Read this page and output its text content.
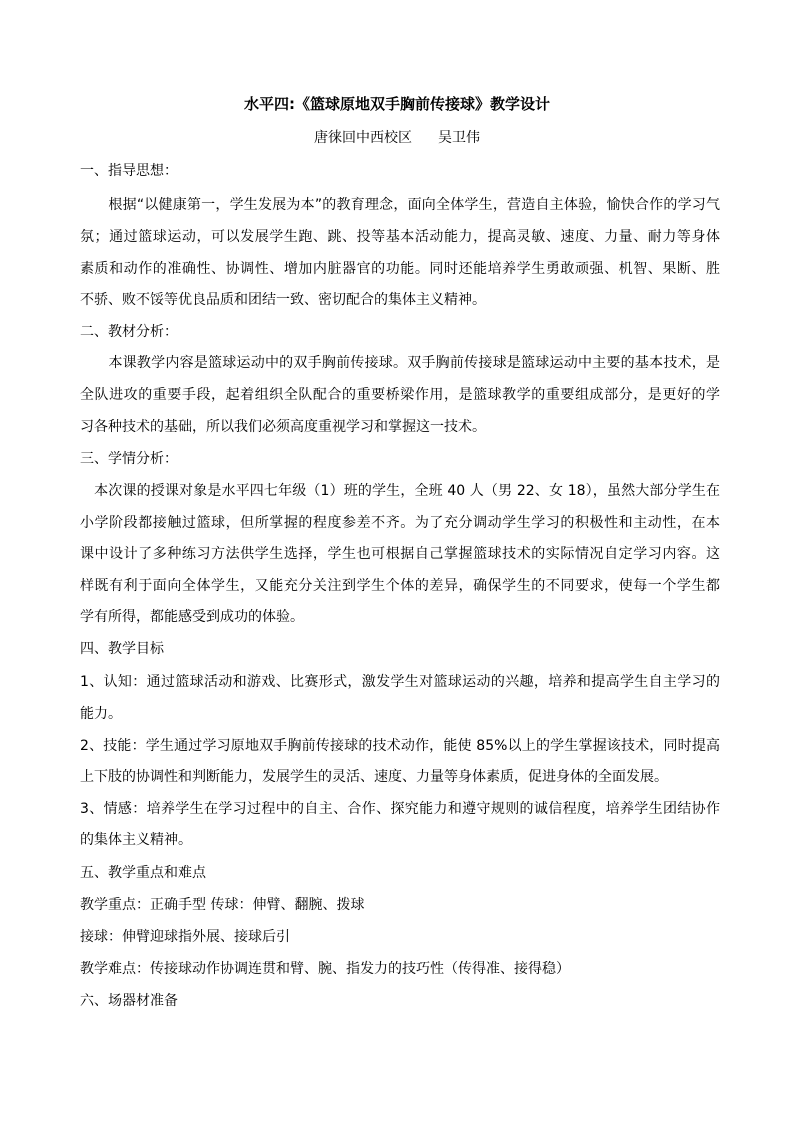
水平四:《篮球原地双手胸前传接球》教学设计
唐徕回中西校区 吴卫伟
一、指导思想：
　　根据“以健康第一，学生发展为本”的教育理念，面向全体学生，营造自主体验，愉快合作的学习气
氛；通过篮球运动，可以发展学生跑、跳、投等基本活动能力，提高灵敏、速度、力量、耐力等身体
素质和动作的准确性、协调性、增加内脏器官的功能。同时还能培养学生勇敢顽强、机智、果断、胜
不骄、败不馁等优良品质和团结一致、密切配合的集体主义精神。
二、教材分析：
　　本课教学内容是篮球运动中的双手胸前传接球。双手胸前传接球是篮球运动中主要的基本技术，是
全队进攻的重要手段，起着组织全队配合的重要桥梁作用，是篮球教学的重要组成部分，是更好的学
习各种技术的基础，所以我们必须高度重视学习和掌握这一技术。
三、学情分析：
　本次课的授课对象是水平四七年级（1）班的学生，全班 40 人（男 22、女 18），虽然大部分学生在
小学阶段都接触过篮球，但所掌握的程度参差不齐。为了充分调动学生学习的积极性和主动性，在本
课中设计了多种练习方法供学生选择，学生也可根据自己掌握篮球技术的实际情况自定学习内容。这
样既有利于面向全体学生，又能充分关注到学生个体的差异，确保学生的不同要求，使每一个学生都
学有所得，都能感受到成功的体验。
四、教学目标
1、认知：通过篮球活动和游戏、比赛形式，激发学生对篮球运动的兴趣，培养和提高学生自主学习的
能力。
2、技能：学生通过学习原地双手胸前传接球的技术动作，能使 85%以上的学生掌握该技术，同时提高
上下肢的协调性和判断能力，发展学生的灵活、速度、力量等身体素质，促进身体的全面发展。
3、情感：培养学生在学习过程中的自主、合作、探究能力和遵守规则的诚信程度，培养学生团结协作
的集体主义精神。
五、教学重点和难点
教学重点：正确手型 传球：伸臂、翻腕、拨球
接球：伸臂迎球指外展、接球后引
教学难点：传接球动作协调连贯和臂、腕、指发力的技巧性（传得准、接得稳）
六、场器材准备
